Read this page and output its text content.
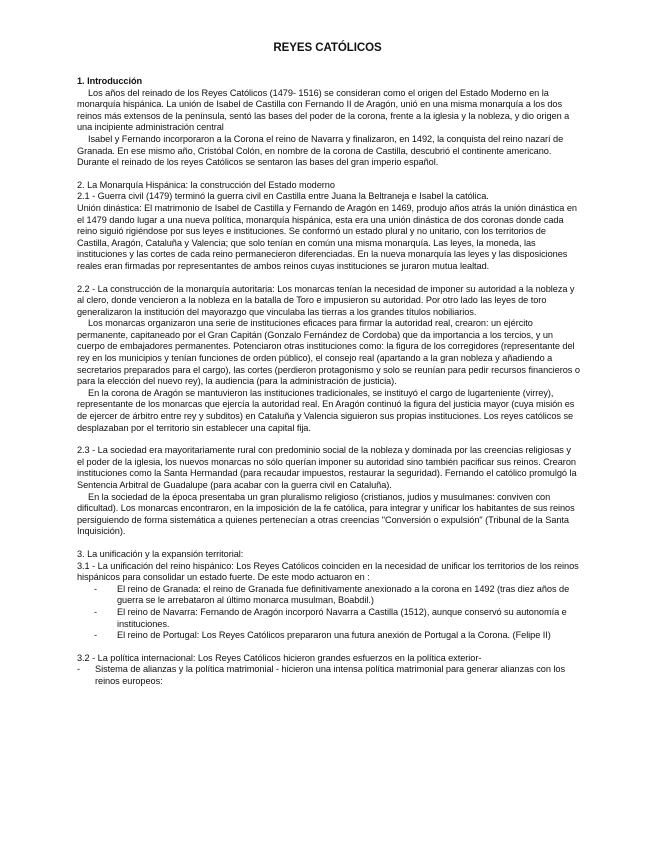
REYES CATÓLICOS

1. Introducción

Los años del reinado de los Reyes Católicos (1479- 1516) se consideran como el origen del Estado Moderno en la monarquía hispánica. La unión de Isabel de Castilla con Fernando II de Aragón, unió en una misma monarquía a los dos reinos más extensos de la península, sentó las bases del poder de la corona, frente a la iglesia y la nobleza, y dio origen a una incipiente administración central

Isabel y Fernando incorporaron a la Corona el reino de Navarra y finalizaron, en 1492, la conquista del reino nazarí de Granada. En ese mismo año, Cristóbal Colón, en nombre de la corona de Castilla, descubrió el continente americano. Durante el reinado de los reyes Católicos se sentaron las bases del gran imperio español.

2. La Monarquía Hispánica: la construcción del Estado moderno

2.1 - Guerra civil (1479) terminó la guerra civil en Castilla entre Juana la Beltraneja e Isabel la católica.

Unión dinástica: El matrimonio de Isabel de Castilla y Fernando de Aragón en 1469, produjo años atrás la unión dinástica en el 1479 dando lugar a una nueva política, monarquía hispánica, esta era una unión dinástica de dos coronas donde cada reino siguió rigiéndose por sus leyes e instituciones. Se conformó un estado plural y no unitario, con los territorios de Castilla, Aragón, Cataluña y Valencia; que solo tenían en común una misma monarquía. Las leyes, la moneda, las instituciones y las cortes de cada reino permanecieron diferenciadas. En la nueva monarquía las leyes y las disposiciones reales eran firmadas por representantes de ambos reinos cuyas instituciones se juraron mutua lealtad.

2.2 - La construcción de la monarquía autoritaria: Los monarcas tenían la necesidad de imponer su autoridad a la nobleza y al clero, donde vencieron a la nobleza en la batalla de Toro e impusieron su autoridad. Por otro lado las leyes de toro generalizaron la institución del mayorazgo que vinculaba las tierras a los grandes títulos nobiliarios.

Los monarcas organizaron una serie de instituciones eficaces para firmar la autoridad real, crearon: un ejército permanente, capitaneado por el Gran Capitán (Gonzalo Fernández de Cordoba) que da importancia a los tercios, y un cuerpo de embajadores permanentes. Potenciaron otras instituciones como: la figura de los corregidores (representante del rey en los municipios y tenían funciones de orden público), el consejo real (apartando a la gran nobleza y añadiendo a secretarios preparados para el cargo), las cortes (perdieron protagonismo y solo se reunían para pedir recursos financieros o para la elección del nuevo rey), la audiencia (para la administración de justicia).

En la corona de Aragón se mantuvieron las instituciones tradicionales, se instituyó el cargo de lugarteniente (virrey), representante de los monarcas que ejercía la autoridad real. En Aragón continuó la figura del justicia mayor (cuya misión es de ejercer de árbitro entre rey y subditos) en Cataluña y Valencia siguieron sus propias instituciones. Los reyes católicos se desplazaban por el territorio sin establecer una capital fija.

2.3 - La sociedad era mayoritariamente rural con predominio social de la nobleza y dominada por las creencias religiosas y el poder de la iglesia, los nuevos monarcas no sólo querían imponer su autoridad sino también pacificar sus reinos. Crearon instituciones como la Santa Hermandad (para recaudar impuestos, restaurar la seguridad). Fernando el católico promulgó la Sentencia Arbitral de Guadalupe (para acabar con la guerra civil en Cataluña).

En la sociedad de la época presentaba un gran pluralismo religioso (cristianos, judios y musulmanes: conviven con dificultad). Los monarcas encontraron, en la imposición de la fe católica, para integrar y unificar los habitantes de sus reinos persiguiendo de forma sistemática a quienes pertenecían a otras creencias "Conversión o expulsión" (Tribunal de la Santa Inquisición).

3. La unificación y la expansión territorial:

3.1 - La unificación del reino hispánico: Los Reyes Católicos coinciden en la necesidad de unificar los territorios de los reinos hispánicos para consolidar un estado fuerte. De este modo actuaron en :

- El reino de Granada: el reino de Granada fue definitivamente anexionado a la corona en 1492 (tras diez años de guerra se le arrebataron al último monarca musulman, Boabdil.)
- El reino de Navarra: Fernando de Aragón incorporó Navarra a Castilla (1512), aunque conservó su autonomía e instituciones.
- El reino de Portugal: Los Reyes Católicos prepararon una futura anexión de Portugal a la Corona. (Felipe II)

3.2 - La política internacional: Los Reyes Católicos hicieron grandes esfuerzos en la política exterior-

- Sistema de alianzas y la política matrimonial - hicieron una intensa política matrimonial para generar alianzas con los reinos europeos:
